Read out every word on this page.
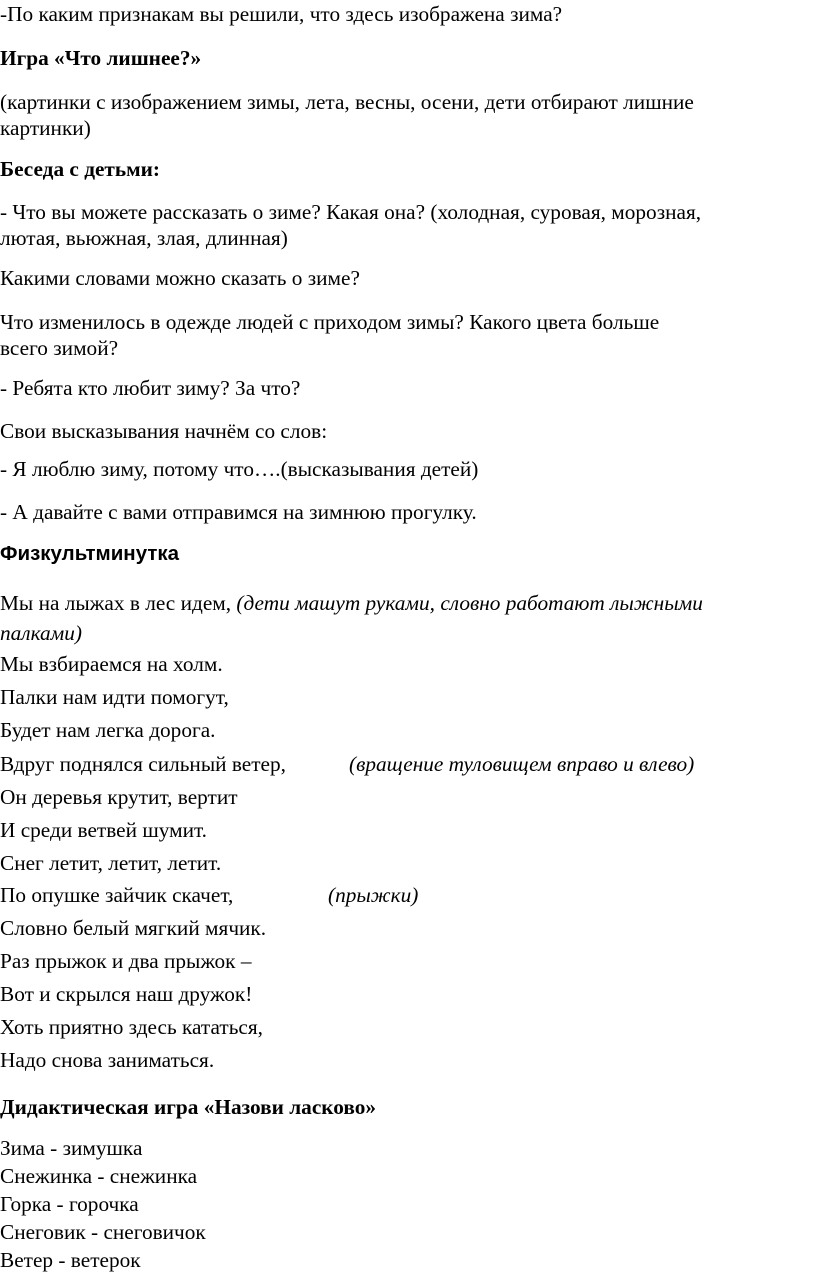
-По каким признакам вы решили, что здесь изображена зима?
Игра «Что лишнее?»
(картинки с изображением зимы, лета, весны, осени, дети отбирают лишние
картинки)
Беседа с детьми:
- Что вы можете рассказать о зиме? Какая она? (холодная, суровая, морозная,
лютая, вьюжная, злая, длинная)
Какими словами можно сказать о зиме?
Что изменилось в одежде людей с приходом зимы? Какого цвета больше
всего зимой?
- Ребята кто любит зиму? За что?
Свои высказывания начнём со слов:
- Я люблю зиму, потому что….(высказывания детей)
- А давайте с вами отправимся на зимнюю прогулку.
Физкультминутка
Мы на лыжах в лес идем, (дети машут руками, словно работают лыжными
палками)
Мы взбираемся на холм.
Палки нам идти помогут,
Будет нам легка дорога.
Вдруг поднялся сильный ветер,	(вращение туловищем вправо и влево)
Он деревья крутит, вертит
И среди ветвей шумит.
Снег летит, летит, летит.
По опушке зайчик скачет,	(прыжки)
Словно белый мягкий мячик.
Раз прыжок и два прыжок –
Вот и скрылся наш дружок!
Хоть приятно здесь кататься,
Надо снова заниматься.
Дидактическая игра «Назови ласково»
Зима - зимушка
Снежинка - снежинка
Горка - горочка
Снеговик - снеговичок
Ветер - ветерок
